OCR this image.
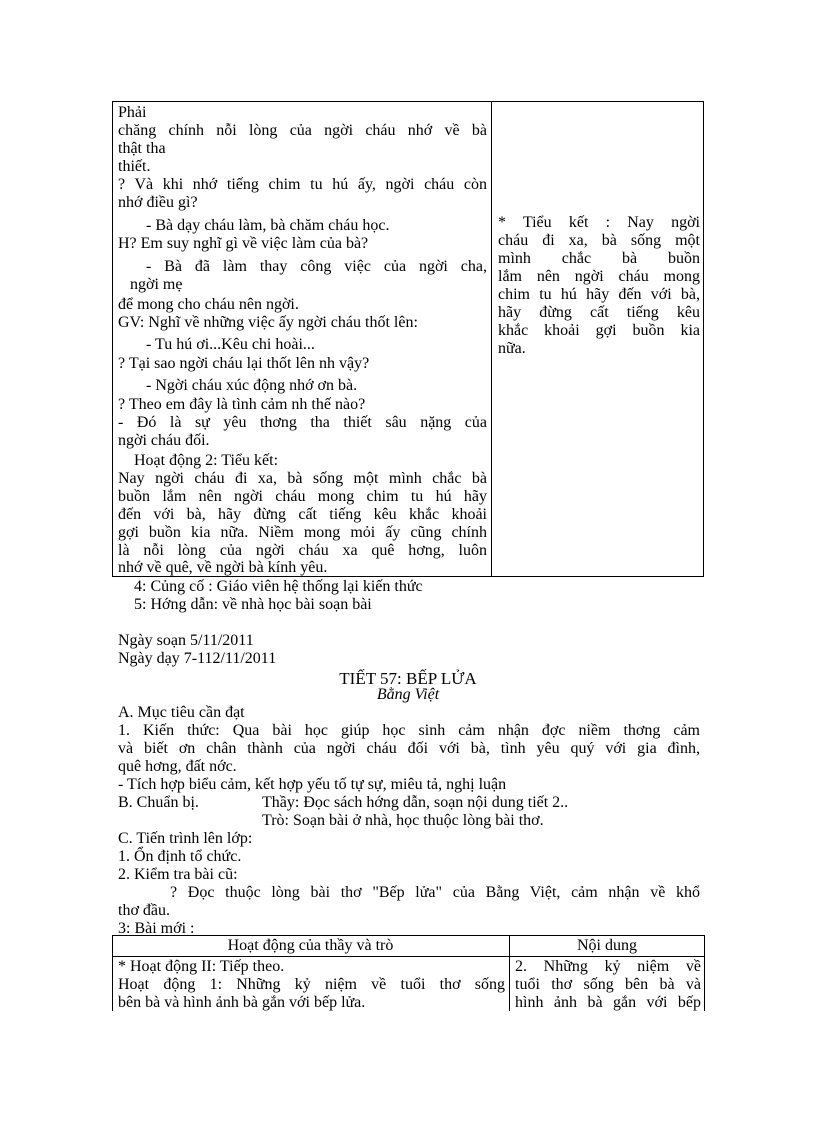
Phải
chăng chính nỗi lòng của ngời cháu nhớ về bà
thật tha
thiết.
? Và khi nhớ tiếng chim tu hú ấy, ngời cháu còn
nhớ điều gì?
- Bà dạy cháu làm, bà chăm cháu học.
H? Em suy nghĩ gì về việc làm của bà?
- Bà đã làm thay công việc của ngời cha,
ngời mẹ
để mong cho cháu nên ngời.
GV: Nghĩ về những việc ấy ngời cháu thốt lên:
- Tu hú ơi...Kêu chi hoài...
? Tại sao ngời cháu lại thốt lên nh vậy?
- Ngời cháu xúc động nhớ ơn bà.
? Theo em đây là tình cảm nh thế nào?
- Đó là sự yêu thơng tha thiết sâu nặng của
ngời cháu đối.
Hoạt động 2: Tiểu kết:
Nay ngời cháu đi xa, bà sống một mình chắc bà
buồn lắm nên ngời cháu mong chim tu hú hãy
đến với bà, hãy đừng cất tiếng kêu khắc khoải
gợi buồn kia nữa. Niềm mong mỏi ấy cũng chính
là nỗi lòng của ngời cháu xa quê hơng, luôn
nhớ về quê, về ngời bà kính yêu.
* Tiểu kết : Nay ngời
cháu đi xa, bà sống một
mình chắc bà buồn
lắm nên ngời cháu mong
chim tu hú hãy đến với bà,
hãy đừng cất tiếng kêu
khắc khoải gợi buồn kia
nữa.
4: Củng cố : Giáo viên hệ thống lại kiến thức
5: Hớng dẫn: về nhà học bài soạn bài
Ngày soạn 5/11/2011
Ngày dạy 7-112/11/2011
TIẾT 57: BẾP LỬA
Bằng Việt
A. Mục tiêu cần đạt
1. Kiến thức: Qua bài học giúp học sinh cảm nhận đợc niềm thơng cảm
và biết ơn chân thành của ngời cháu đối với bà, tình yêu quý với gia đình,
quê hơng, đất nớc.
- Tích hợp biểu cảm, kết hợp yếu tố tự sự, miêu tả, nghị luận
B. Chuẩn bị.	Thầy: Đọc sách hớng dẫn, soạn nội dung tiết 2..
Trò: Soạn bài ở nhà, học thuộc lòng bài thơ.
C. Tiến trình lên lớp:
1. Ổn định tổ chức.
2. Kiểm tra bài cũ:
? Đọc thuộc lòng bài thơ "Bếp lửa" của Bằng Việt, cảm nhận về khổ
thơ đầu.
3: Bài mới :
Hoạt động của thầy và trò	Nội dung
* Hoạt động II: Tiếp theo.
Hoạt động 1: Những kỷ niệm về tuổi thơ sống
bên bà và hình ảnh bà gắn với bếp lửa.
2. Những kỷ niệm về
tuổi thơ sống bên bà và
hình ảnh bà gắn với bếp
